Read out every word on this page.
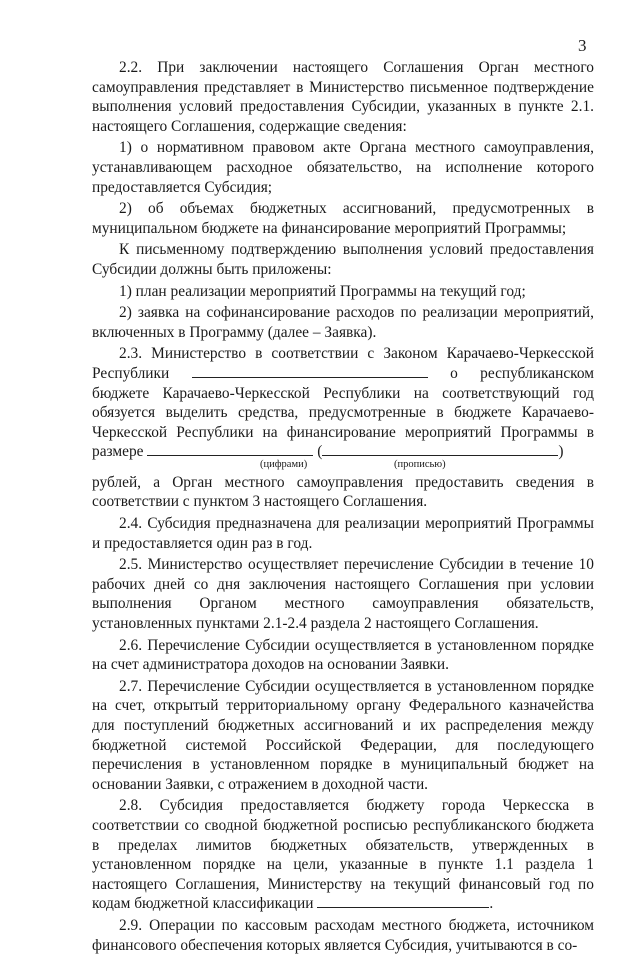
3

2.2. При заключении настоящего Соглашения Орган местного самоуправления представляет в Министерство письменное подтверждение выполнения условий предоставления Субсидии, указанных в пункте 2.1. настоящего Соглашения, содержащие сведения:

1) о нормативном правовом акте Органа местного самоуправления, устанавливающем расходное обязательство, на исполнение которого предоставляется Субсидия;

2) об объемах бюджетных ассигнований, предусмотренных в муниципальном бюджете на финансирование мероприятий Программы;

К письменному подтверждению выполнения условий предоставления Субсидии должны быть приложены:

1) план реализации мероприятий Программы на текущий год;

2) заявка на софинансирование расходов по реализации мероприятий, включенных в Программу (далее – Заявка).

2.3. Министерство в соответствии с Законом Карачаево-Черкесской Республики	о республиканском бюджете Карачаево-Черкесской Республики на соответствующий год обязуется выделить средства, предусмотренные в бюджете Карачаево-Черкесской Республики на финансирование мероприятий Программы в размере	(	)

(цифрами)	(прописью)

рублей, а Орган местного самоуправления предоставить сведения в соответствии с пунктом 3 настоящего Соглашения.

2.4. Субсидия предназначена для реализации мероприятий Программы и предоставляется один раз в год.

2.5. Министерство осуществляет перечисление Субсидии в течение 10 рабочих дней со дня заключения настоящего Соглашения при условии выполнения Органом местного самоуправления обязательств, установленных пунктами 2.1-2.4 раздела 2 настоящего Соглашения.

2.6. Перечисление Субсидии осуществляется в установленном порядке на счет администратора доходов на основании Заявки.

2.7. Перечисление Субсидии осуществляется в установленном порядке на счет, открытый территориальному органу Федерального казначейства для поступлений бюджетных ассигнований и их распределения между бюджетной системой Российской Федерации, для последующего перечисления в установленном порядке в муниципальный бюджет на основании Заявки, с отражением в доходной части.

2.8. Субсидия предоставляется бюджету города Черкесска в соответствии со сводной бюджетной росписью республиканского бюджета в пределах лимитов бюджетных обязательств, утвержденных в установленном порядке на цели, указанные в пункте 1.1 раздела 1 настоящего Соглашения, Министерству на текущий финансовый год по кодам бюджетной классификации	.

2.9. Операции по кассовым расходам местного бюджета, источником финансового обеспечения которых является Субсидия, учитываются в со-
